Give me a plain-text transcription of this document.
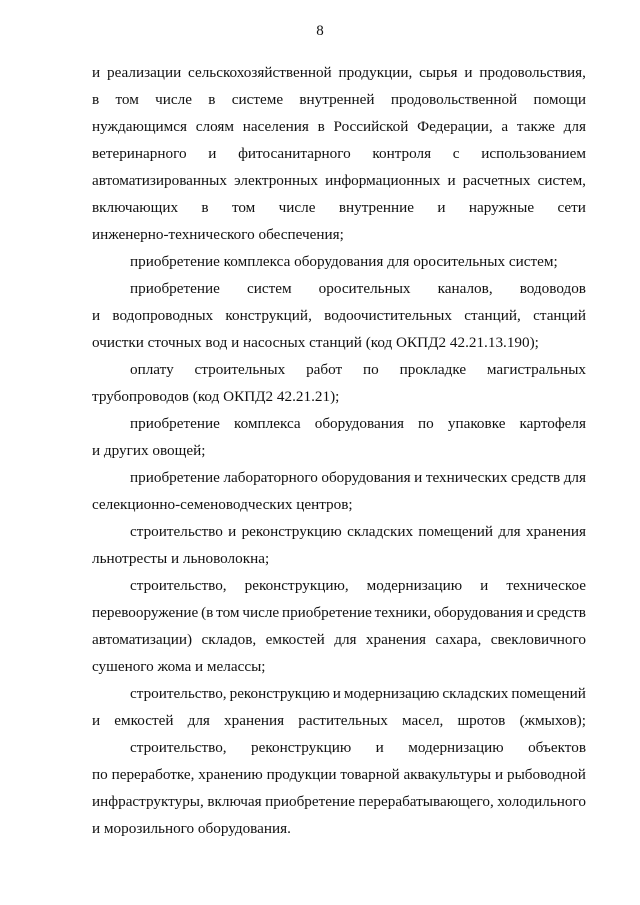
8
и реализации сельскохозяйственной продукции, сырья и продовольствия,
в том числе в системе внутренней продовольственной помощи
нуждающимся слоям населения в Российской Федерации, а также для
ветеринарного и фитосанитарного контроля с использованием
автоматизированных электронных информационных и расчетных систем,
включающих в том числе внутренние и наружные сети
инженерно-технического обеспечения;
приобретение комплекса оборудования для оросительных систем;
приобретение систем оросительных каналов, водоводов
и водопроводных конструкций, водоочистительных станций, станций
очистки сточных вод и насосных станций (код ОКПД2 42.21.13.190);
оплату строительных работ по прокладке магистральных
трубопроводов (код ОКПД2 42.21.21);
приобретение комплекса оборудования по упаковке картофеля
и других овощей;
приобретение лабораторного оборудования и технических средств для
селекционно-семеноводческих центров;
строительство и реконструкцию складских помещений для хранения
льнотресты и льноволокна;
строительство, реконструкцию, модернизацию и техническое
перевооружение (в том числе приобретение техники, оборудования и средств
автоматизации) складов, емкостей для хранения сахара, свекловичного
сушеного жома и мелассы;
строительство, реконструкцию и модернизацию складских помещений
и емкостей для хранения растительных масел, шротов (жмыхов);
строительство, реконструкцию и модернизацию объектов
по переработке, хранению продукции товарной аквакультуры и рыбоводной
инфраструктуры, включая приобретение перерабатывающего, холодильного
и морозильного оборудования.
